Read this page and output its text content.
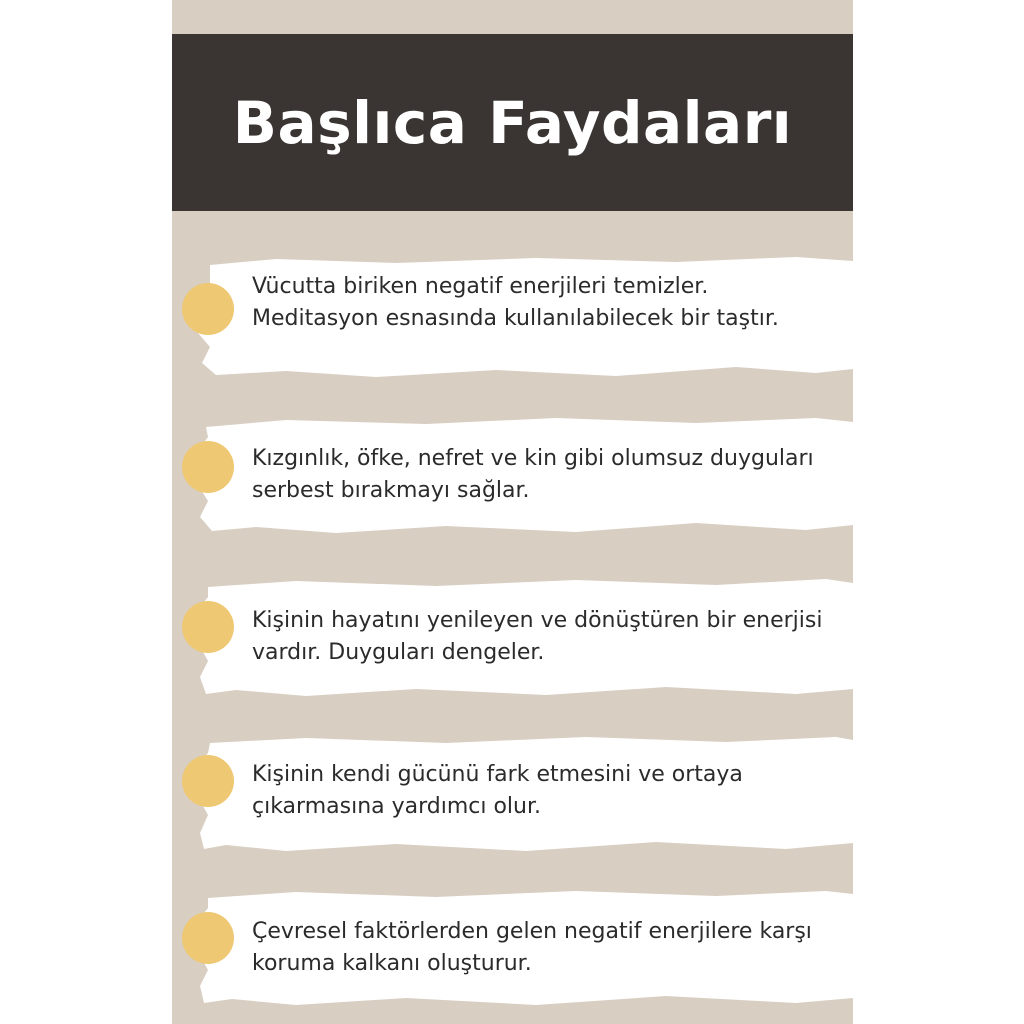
Başlıca Faydaları
Vücutta biriken negatif enerjileri temizler. Meditasyon esnasında kullanılabilecek bir taştır.
Kızgınlık, öfke, nefret ve kin gibi olumsuz duyguları serbest bırakmayı sağlar.
Kişinin hayatını yenileyen ve dönüştüren bir enerjisi vardır. Duyguları dengeler.
Kişinin kendi gücünü fark etmesini ve ortaya çıkarmasına yardımcı olur.
Çevresel faktörlerden gelen negatif enerjilere karşı koruma kalkanı oluşturur.
